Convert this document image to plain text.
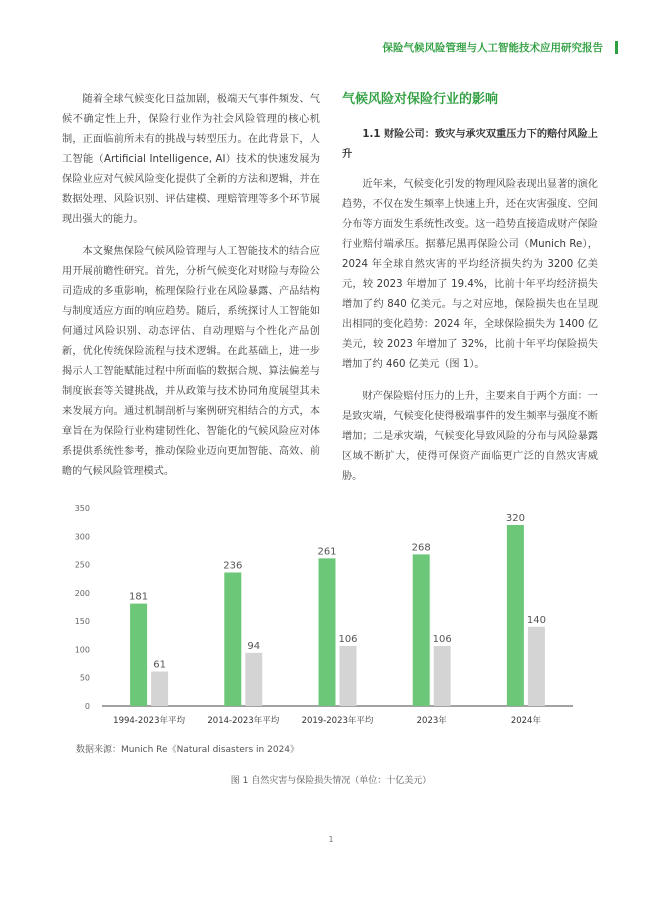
保险气候风险管理与人工智能技术应用研究报告

随着全球气候变化日益加剧，极端天气事件频发、气候不确定性上升，保险行业作为社会风险管理的核心机制，正面临前所未有的挑战与转型压力。在此背景下，人工智能（Artificial Intelligence, AI）技术的快速发展为保险业应对气候风险变化提供了全新的方法和逻辑，并在数据处理、风险识别、评估建模、理赔管理等多个环节展现出强大的能力。

本文聚焦保险气候风险管理与人工智能技术的结合应用开展前瞻性研究。首先，分析气候变化对财险与寿险公司造成的多重影响，梳理保险行业在风险暴露、产品结构与制度适应方面的响应趋势。随后，系统探讨人工智能如何通过风险识别、动态评估、自动理赔与个性化产品创新，优化传统保险流程与技术逻辑。在此基础上，进一步揭示人工智能赋能过程中所面临的数据合规、算法偏差与制度嵌套等关键挑战，并从政策与技术协同角度展望其未来发展方向。通过机制剖析与案例研究相结合的方式，本章旨在为保险行业构建韧性化、智能化的气候风险应对体系提供系统性参考，推动保险业迈向更加智能、高效、前瞻的气候风险管理模式。

气候风险对保险行业的影响
1.1 财险公司：致灾与承灾双重压力下的赔付风险上升

近年来，气候变化引发的物理风险表现出显著的演化趋势，不仅在发生频率上快速上升，还在灾害强度、空间分布等方面发生系统性改变。这一趋势直接造成财产保险行业赔付端承压。据慕尼黑再保险公司（Munich Re），2024 年全球自然灾害的平均经济损失约为 3200 亿美元，较 2023 年增加了 19.4%，比前十年平均经济损失增加了约 840 亿美元。与之对应地，保险损失也在呈现出相同的变化趋势：2024 年，全球保险损失为 1400 亿美元，较 2023 年增加了 32%，比前十年平均保险损失增加了约 460 亿美元（图 1）。

财产保险赔付压力的上升，主要来自于两个方面：一是致灾端，气候变化使得极端事件的发生频率与强度不断增加；二是承灾端，气候变化导致风险的分布与风险暴露区域不断扩大，使得可保资产面临更广泛的自然灾害威胁。

0
50
100
150
200
250
300
350
181
61
1994-2023年平均
236
94
2014-2023年平均
261
106
2019-2023年平均
268
106
2023年
320
140
2024年
数据来源：Munich Re《Natural disasters in 2024》
图 1 自然灾害与保险损失情况（单位：十亿美元）
1
